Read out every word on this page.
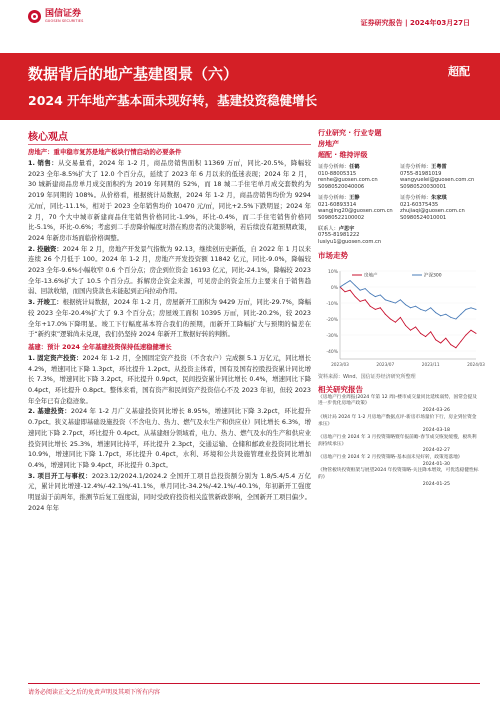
国信证券
GUOSEN SECURITIES	证券研究报告 | 2024年03月27日
数据背后的地产基建图景（六）
2024 开年地产基本面未现好转，基建投资稳健增长
超配
核心观点
房地产：重申稳市复苏是地产板块行情启动的必要条件
1. 销售：从交易量看，2024 年 1-2 月，商品房销售面积 11369 万㎡，同比-20.5%，降幅较 2023 全年-8.5%扩大了 12.0 个百分点，延续了 2023 年 6 月以来的低迷表现；2024 年 2 月，30 城新建商品房单月成交面积约为 2019 年同期的 52%，而 18 城二手住宅单月成交套数约为 2019 年同期的 108%。从价格看，根据统计局数据，2024 年 1-2 月，商品房销售均价为 9294 元/㎡，同比-11.1%，相对于 2023 全年销售均价 10470 元/㎡，同比+2.5%下跌明显；2024 年 2 月，70 个大中城市新建商品住宅销售价格同比-1.9%，环比-0.4%，而二手住宅销售价格同比-5.1%，环比-0.6%；考虑到二手房降价幅度对潜在购房者的决策影响，若后续没有超预期政策，2024 年新房市场面临价格调整。
2. 投融资：2024 年 2 月，房地产开发景气指数为 92.13，继续创历史新低，自 2022 年 1 月以来连续 26 个月低于 100。2024 年 1-2 月，房地产开发投资额 11842 亿元，同比-9.0%，降幅较 2023 全年-9.6%小幅收窄 0.6 个百分点；房企到位资金 16193 亿元，同比-24.1%，降幅较 2023 全年-13.6%扩大了 10.5 个百分点。拆解房企资金来源，可见房企的资金压力主要来自于销售趋弱、回款收缩，而国内贷款也未能起到正向拉动作用。
3. 开竣工：根据统计局数据，2024 年 1-2 月，房屋新开工面积为 9429 万㎡，同比-29.7%，降幅较 2023 全年-20.4%扩大了 9.3 个百分点；房屋竣工面积 10395 万㎡，同比-20.2%，较 2023 全年+17.0%下降明显。竣工下行幅度基本符合我们的预期，而新开工降幅扩大与预期的偏差在于“新约束”逻辑尚未兑现，我们仍坚持 2024 年新开工数据好转的判断。
基建：预计 2024 全年基建投资保持低速稳健增长
1. 固定资产投资：2024 年 1-2 月，全国固定资产投资（不含农户）完成额 5.1 万亿元，同比增长 4.2%，增速同比下降 1.3pct，环比提升 1.2pct。从投资主体看，国有及国有控股投资累计同比增长 7.3%，增速同比下降 3.2pct，环比提升 0.9pct，民间投资累计同比增长 0.4%，增速同比下降 0.4pct，环比提升 0.8pct。整体来看，国有资产和民间资产投资信心不及 2023 年初，但较 2023 年全年已有企稳迹象。
2. 基建投资：2024 年 1-2 月广义基建投资同比增长 8.95%，增速同比下降 3.2pct，环比提升 0.7pct。狭义基建即基础设施投资（不含电力、热力、燃气及水生产和供应业）同比增长 6.3%，增速同比下降 2.7pct，环比提升 0.4pct。从基建细分领域看，电力、热力、燃气及水的生产和供应业投资同比增长 25.3%，增速同比持平，环比提升 2.3pct，交通运输、仓储和邮政业投资同比增长 10.9%，增速同比下降 1.7pct，环比提升 0.4pct，水利、环境和公共设施管理业投资同比增加 0.4%，增速同比下降 9.4pct，环比提升 0.3pct。
3. 项目开工与事权：2023.12/2024.1/2024.2 全国开工项目总投资额分别为 1.8/5.4/5.4 万亿元，累计同比增速-12.4%/-42.1%/-41.1%，单月同比-34.2%/-42.1%/-40.1%，年初新开工强度明显弱于前两年，推测节后复工强度弱，同时受政府投资相关监管新政影响，全国新开工项目偏少。2024 年年
行业研究 · 行业专题
房地产
超配 · 维持评级
证券分析师：任鹤
010-88005315
renhe@guosen.com.cn
S0980520040006
证券分析师：王粤雷
0755-81981019
wangyuelei@guosen.com.cn
S0980520030001
证券分析师：王静
021-60893314
wangjing20@guosen.com.cn
S0980522100002
证券分析师：朱家琪
021-60375435
zhujiaqi@guosen.com.cn
S0980524010001
联系人：卢思宇
0755-81981222
lusiyu1@guosen.com.cn
市场走势
10%
0%
-10%
-20%
-30%
-40%
2023/03	2023/07	2023/11	2024/03
房地产	沪深300
资料来源：Wind、国信证券经济研究所整理
相关研究报告
《房地产行业周报(2024 年第 12 周)-楼市成交量同比延续弱势，国常会提及进一步优化房地产政策》
2024-03-26
《统计局 2024 年 1-2 月房地产数据点评-新房市场量价下行，房企到位资金承压》
2024-03-18
《房地产行业 2024 年 3 月投资策略暨年报前瞻-春节成交恢复缓慢，板块利润持续承压》
2024-02-27
《房地产行业 2024 年 2 月投资策略-基本面未见好转，政策宽落地》
2024-01-30
《物管板块投资框架与展望2024 年投资策略-关注降本增效，可优选稳健性标的》
2024-01-25
请务必阅读正文之后的免责声明及其项下所有内容
